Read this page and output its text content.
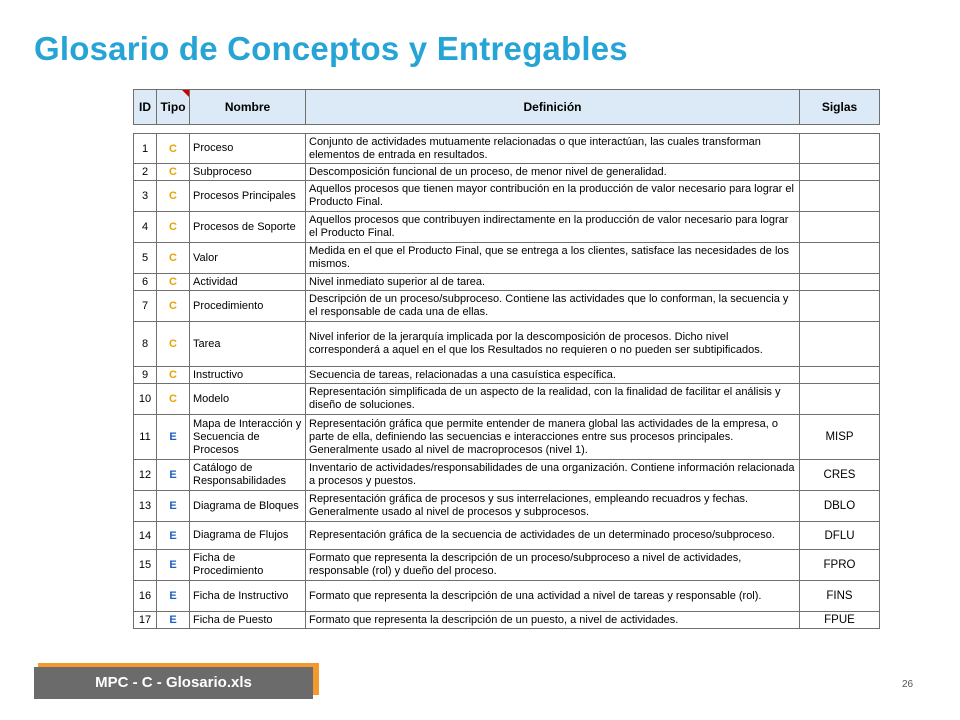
Glosario de Conceptos y Entregables
ID	Tipo	Nombre	Definición	Siglas
1	C	Proceso	Conjunto de actividades mutuamente relacionadas o que interactúan, las cuales transforman elementos de entrada en resultados.	
2	C	Subproceso	Descomposición funcional de un proceso, de menor nivel de generalidad.	
3	C	Procesos Principales	Aquellos procesos que tienen mayor contribución en la producción de valor necesario para lograr el Producto Final.	
4	C	Procesos de Soporte	Aquellos procesos que contribuyen indirectamente en la producción de valor necesario para lograr el Producto Final.	
5	C	Valor	Medida en el que el Producto Final, que se entrega a los clientes, satisface las necesidades de los mismos.	
6	C	Actividad	Nivel inmediato superior al de tarea.	
7	C	Procedimiento	Descripción de un proceso/subproceso. Contiene las actividades que lo conforman, la secuencia y el responsable de cada una de ellas.	
8	C	Tarea	Nivel inferior de la jerarquía implicada por la descomposición de procesos. Dicho nivel corresponderá a aquel en el que los Resultados no requieren o no pueden ser subtipificados.	
9	C	Instructivo	Secuencia de tareas, relacionadas a una casuística específica.	
10	C	Modelo	Representación simplificada de un aspecto de la realidad, con la finalidad de facilitar el análisis y diseño de soluciones.	
11	E	Mapa de Interacción y Secuencia de Procesos	Representación gráfica que permite entender de manera global las actividades de la empresa, o parte de ella, definiendo las secuencias e interacciones entre sus procesos principales. Generalmente usado al nivel de macroprocesos (nivel 1).	MISP
12	E	Catálogo de Responsabilidades	Inventario de actividades/responsabilidades de una organización. Contiene información relacionada a procesos y puestos.	CRES
13	E	Diagrama de Bloques	Representación gráfica de procesos y sus interrelaciones, empleando recuadros y fechas. Generalmente usado al nivel de procesos y subprocesos.	DBLO
14	E	Diagrama de Flujos	Representación gráfica de la secuencia de actividades de un determinado proceso/subproceso.	DFLU
15	E	Ficha de Procedimiento	Formato que representa la descripción de un proceso/subproceso a nivel de actividades, responsable (rol) y dueño del proceso.	FPRO
16	E	Ficha de Instructivo	Formato que representa la descripción de una actividad a nivel de tareas y responsable (rol).	FINS
17	E	Ficha de Puesto	Formato que representa la descripción de un puesto, a nivel de actividades.	FPUE
MPC - C - Glosario.xls	26
